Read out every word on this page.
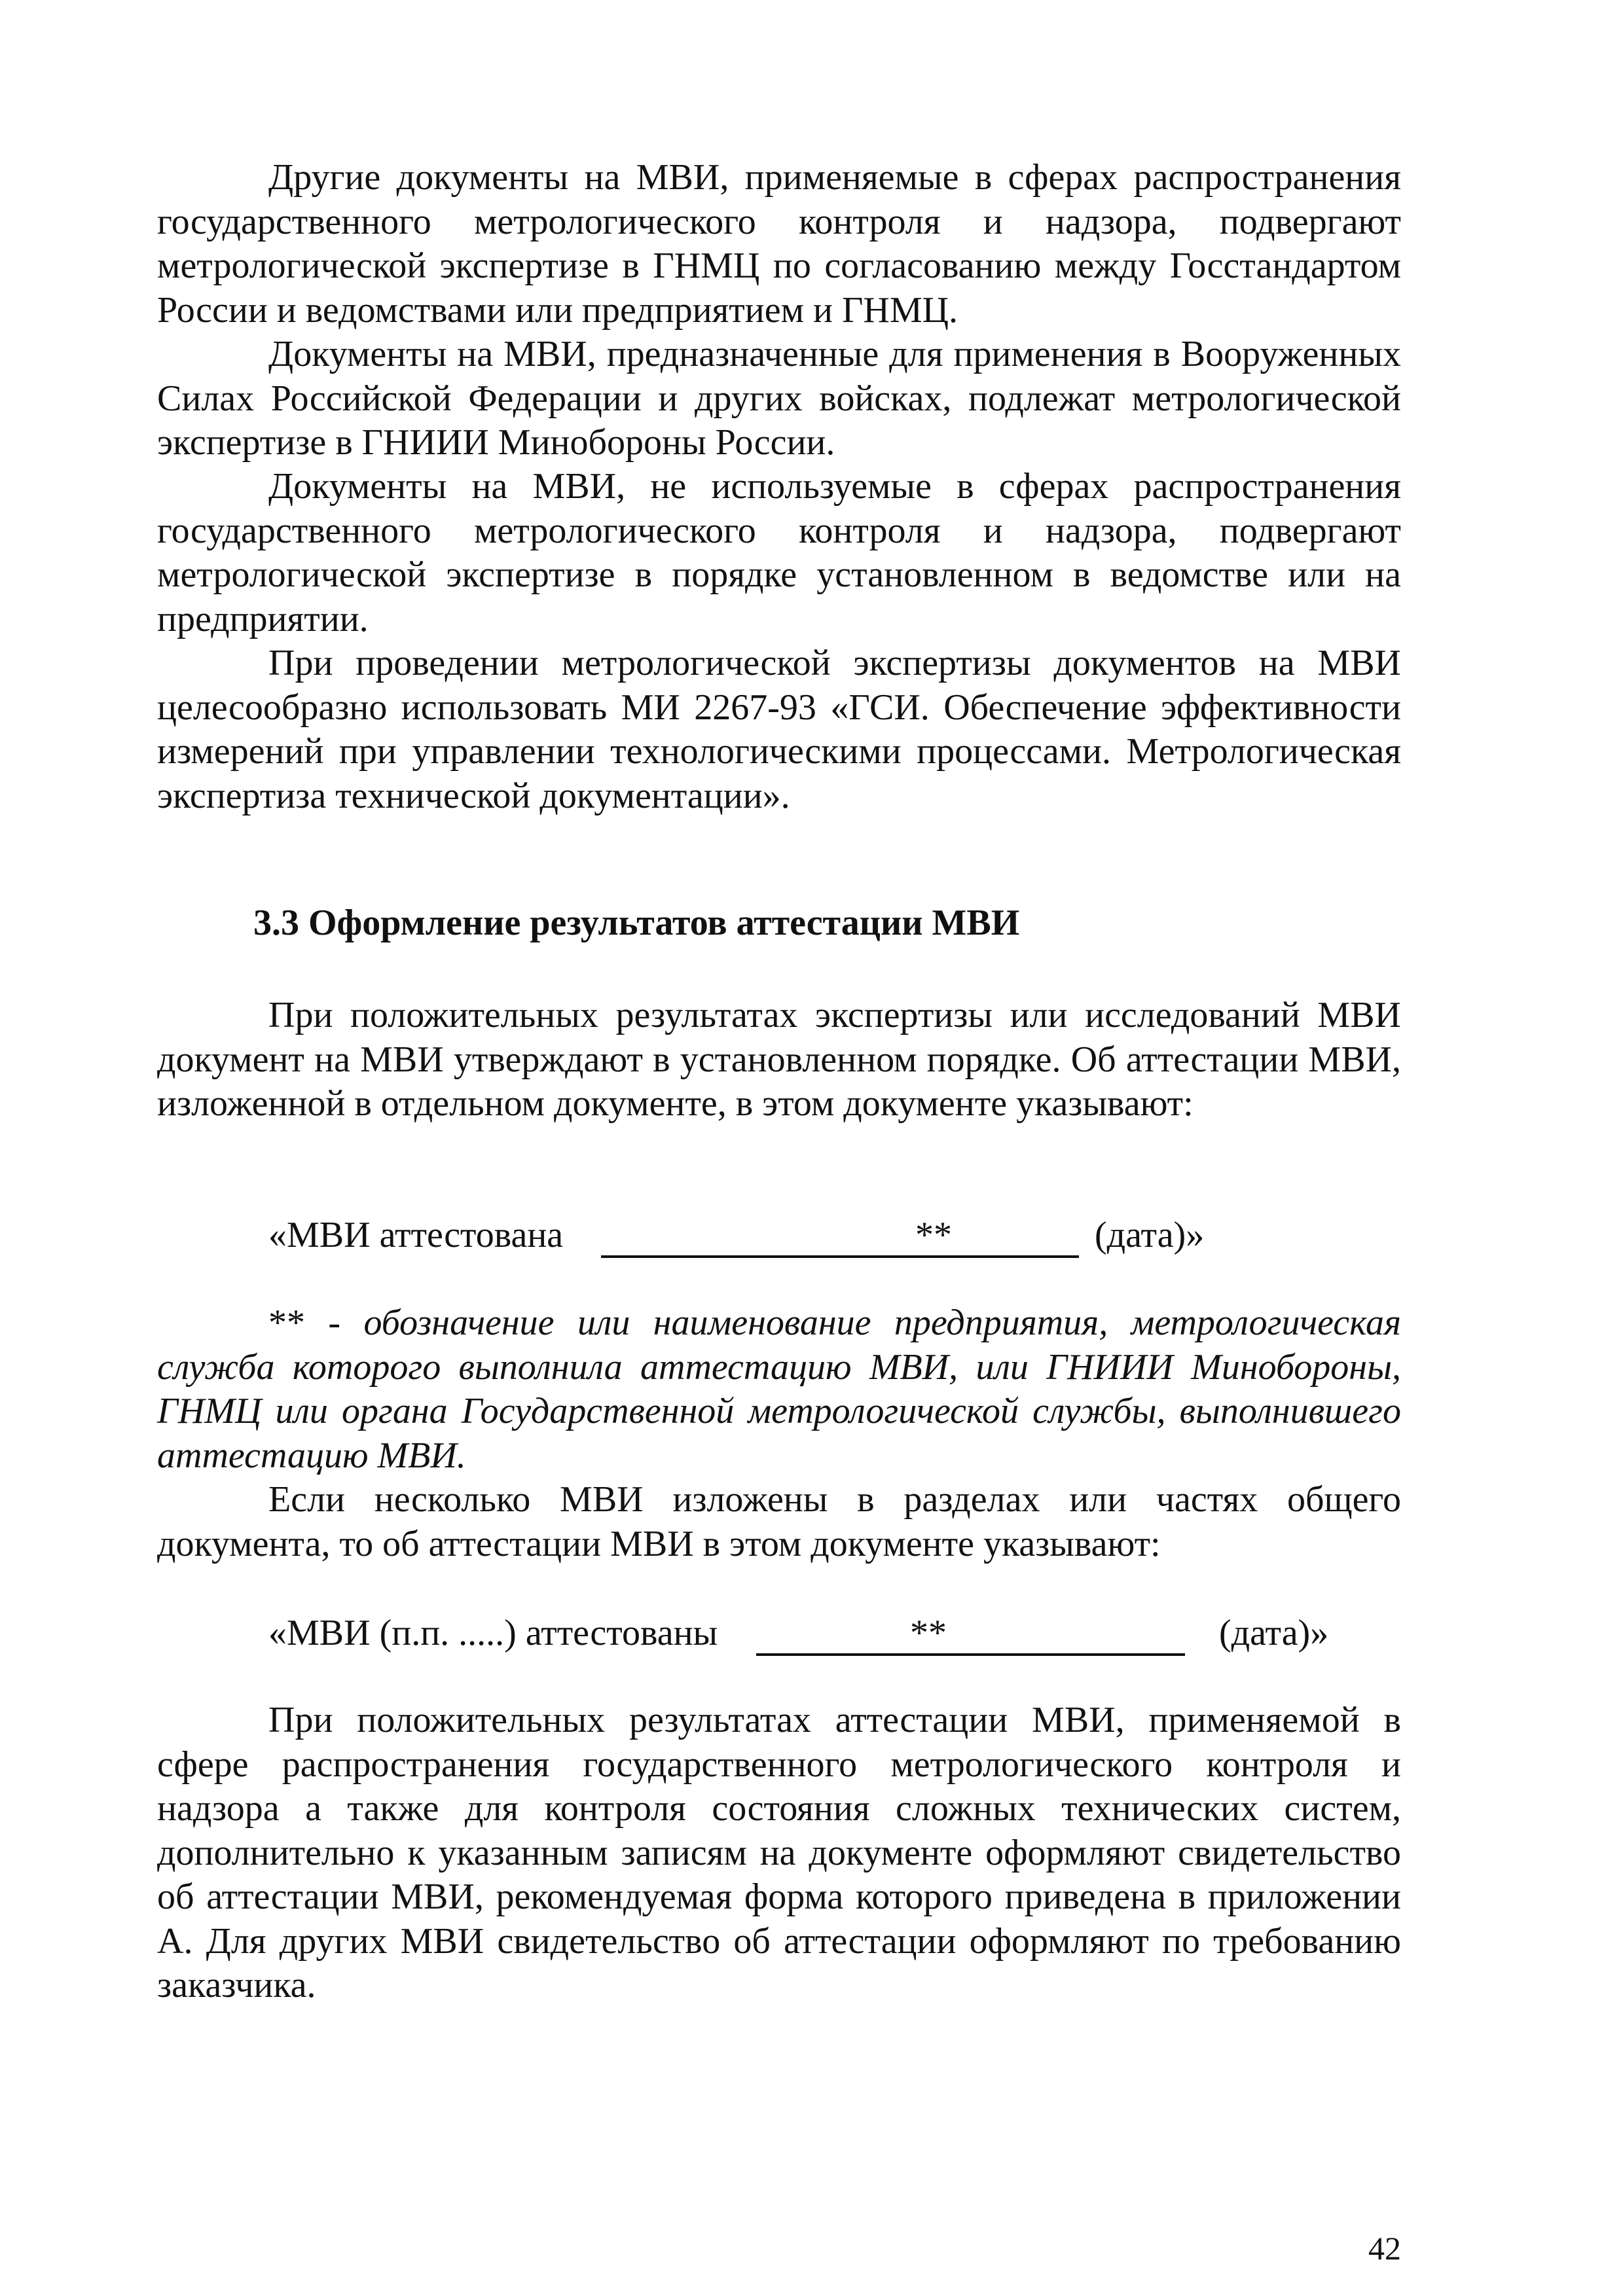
Другие документы на МВИ, применяемые в сферах распространения государственного метрологического контроля и надзора, подвергают метрологической экспертизе в ГНМЦ по согласованию между Госстандартом России и ведомствами или предприятием и ГНМЦ.

Документы на МВИ, предназначенные для применения в Вооруженных Силах Российской Федерации и других войсках, подлежат метрологической экспертизе в ГНИИИ Минобороны России.

Документы на МВИ, не используемые в сферах распространения государственного метрологического контроля и надзора, подвергают метрологической экспертизе в порядке установленном в ведомстве или на предприятии.

При проведении метрологической экспертизы документов на МВИ целесообразно использовать МИ 2267-93 «ГСИ. Обеспечение эффективности измерений при управлении технологическими процессами. Метрологическая экспертиза технической документации».

3.3 Оформление результатов аттестации МВИ

При положительных результатах экспертизы или исследований МВИ документ на МВИ утверждают в установленном порядке. Об аттестации МВИ, изложенной в отдельном документе, в этом документе указывают:

«МВИ аттестована	**	(дата)»

** - обозначение или наименование предприятия, метрологическая служба которого выполнила аттестацию МВИ, или ГНИИИ Минобороны, ГНМЦ или органа Государственной метрологической службы, выполнившего аттестацию МВИ.

Если несколько МВИ изложены в разделах или частях общего документа, то об аттестации МВИ в этом документе указывают:

«МВИ (п.п. .....) аттестованы	**	(дата)»

При положительных результатах аттестации МВИ, применяемой в сфере распространения государственного метрологического контроля и надзора а также для контроля состояния сложных технических систем, дополнительно к указанным записям на документе оформляют свидетельство об аттестации МВИ, рекомендуемая форма которого приведена в приложении А. Для других МВИ свидетельство об аттестации оформляют по требованию заказчика.

42
